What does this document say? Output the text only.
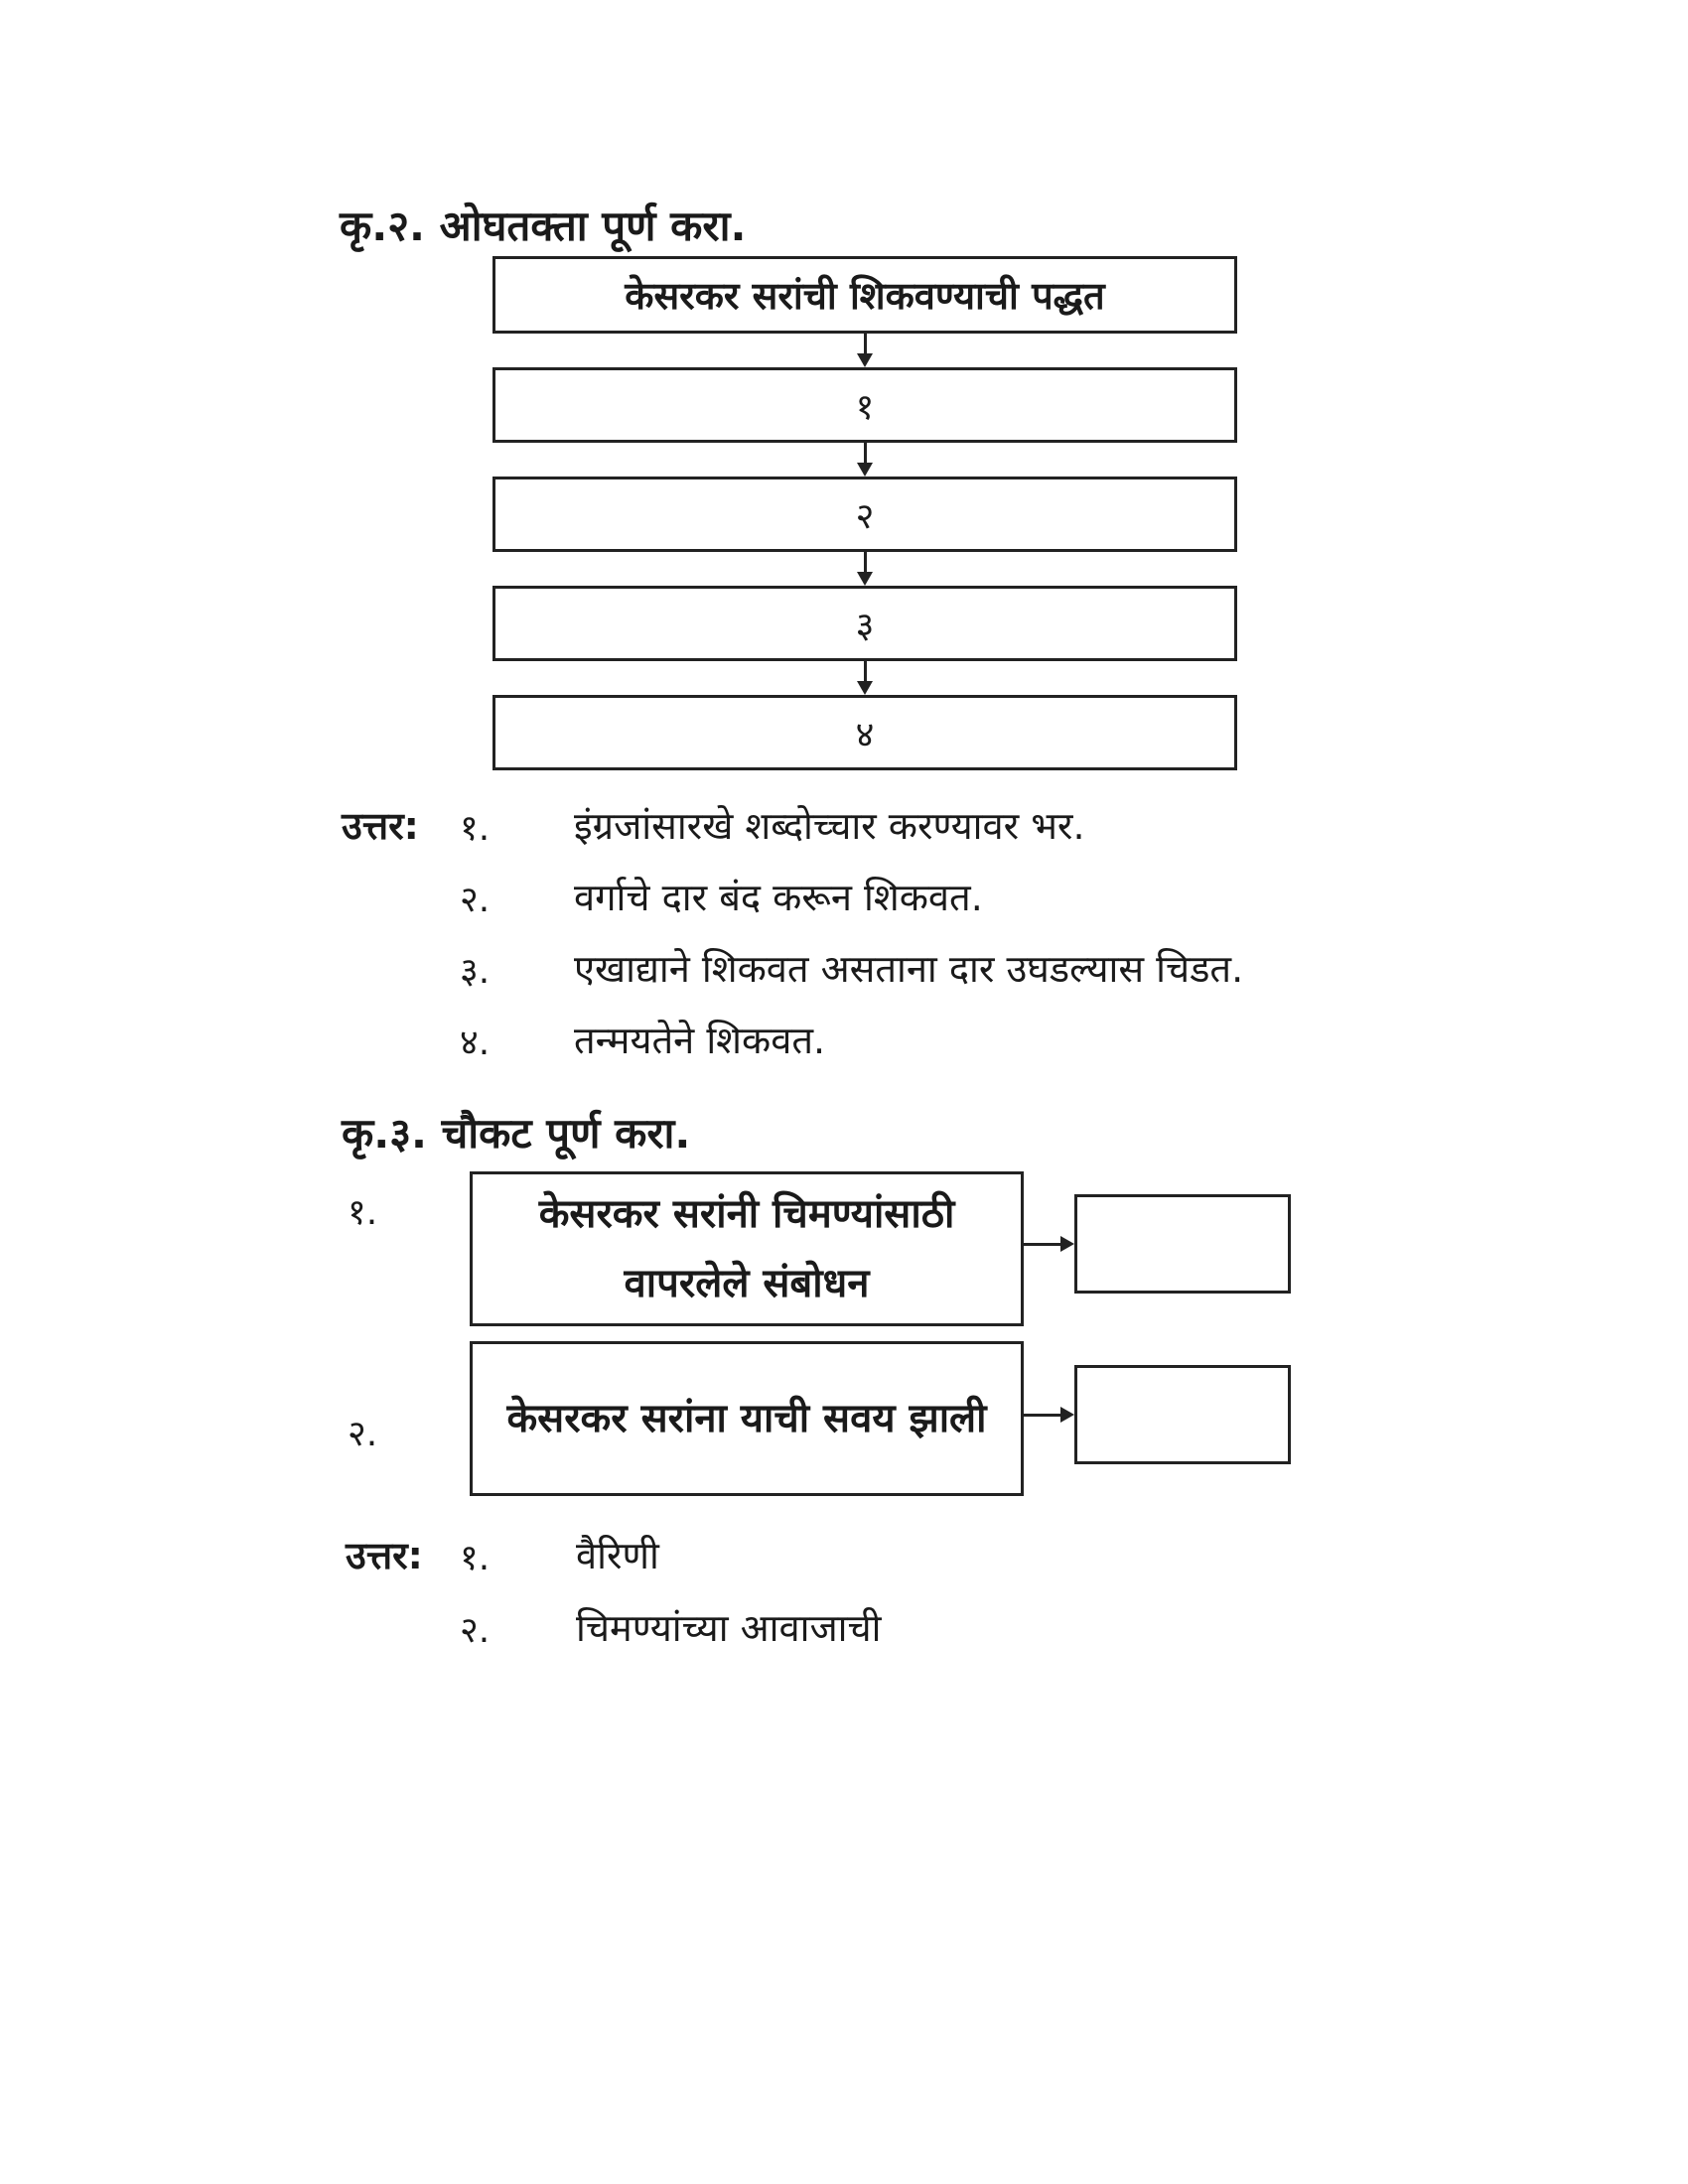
कृ.२. ओघतक्ता पूर्ण करा.
केसरकर सरांची शिकवण्याची पद्धत
१
२
३
४
उत्तर: १. इंग्रजांसारखे शब्दोच्चार करण्यावर भर.
२. वर्गाचे दार बंद करून शिकवत.
३. एखाद्याने शिकवत असताना दार उघडल्यास चिडत.
४. तन्मयतेने शिकवत.
कृ.३. चौकट पूर्ण करा.
१.	केसरकर सरांनी चिमण्यांसाठी वापरलेले संबोधन
२.	केसरकर सरांना याची सवय झाली
उत्तर: १. वैरिणी
२. चिमण्यांच्या आवाजाची
